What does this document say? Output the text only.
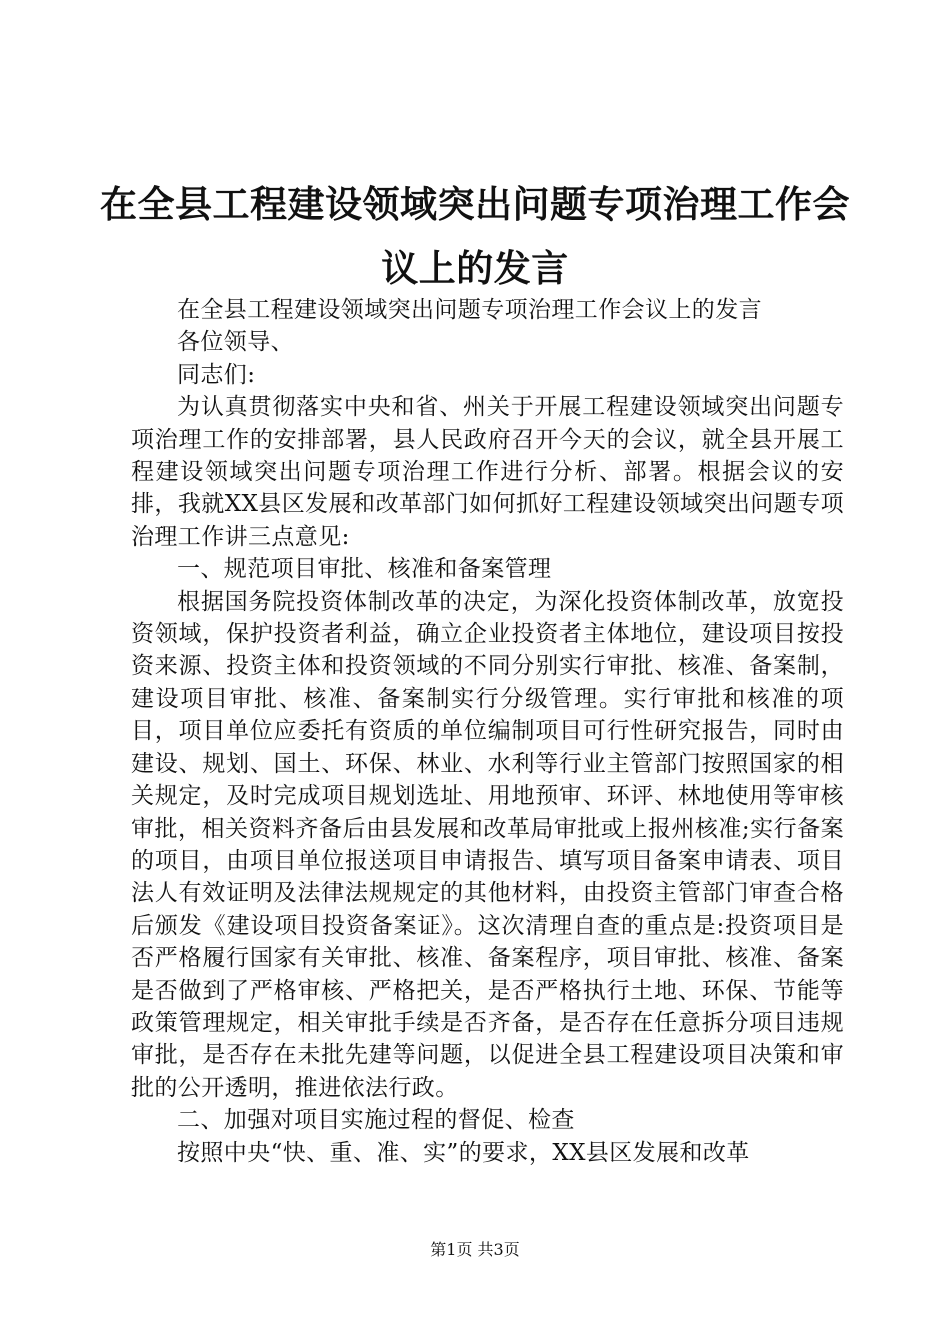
在全县工程建设领域突出问题专项治理工作会议上的发言

在全县工程建设领域突出问题专项治理工作会议上的发言

各位领导、

同志们:

为认真贯彻落实中央和省、州关于开展工程建设领域突出问题专项治理工作的安排部署，县人民政府召开今天的会议，就全县开展工程建设领域突出问题专项治理工作进行分析、部署。根据会议的安排，我就XX县区发展和改革部门如何抓好工程建设领域突出问题专项治理工作讲三点意见:

一、规范项目审批、核准和备案管理

根据国务院投资体制改革的决定，为深化投资体制改革，放宽投资领域，保护投资者利益，确立企业投资者主体地位，建设项目按投资来源、投资主体和投资领域的不同分别实行审批、核准、备案制，建设项目审批、核准、备案制实行分级管理。实行审批和核准的项目，项目单位应委托有资质的单位编制项目可行性研究报告，同时由建设、规划、国土、环保、林业、水利等行业主管部门按照国家的相关规定，及时完成项目规划选址、用地预审、环评、林地使用等审核审批，相关资料齐备后由县发展和改革局审批或上报州核准;实行备案的项目，由项目单位报送项目申请报告、填写项目备案申请表、项目法人有效证明及法律法规规定的其他材料，由投资主管部门审查合格后颁发《建设项目投资备案证》。这次清理自查的重点是:投资项目是否严格履行国家有关审批、核准、备案程序，项目审批、核准、备案是否做到了严格审核、严格把关，是否严格执行土地、环保、节能等政策管理规定，相关审批手续是否齐备，是否存在任意拆分项目违规审批，是否存在未批先建等问题，以促进全县工程建设项目决策和审批的公开透明，推进依法行政。

二、加强对项目实施过程的督促、检查

按照中央“快、重、准、实”的要求，XX县区发展和改革

第1页 共3页
